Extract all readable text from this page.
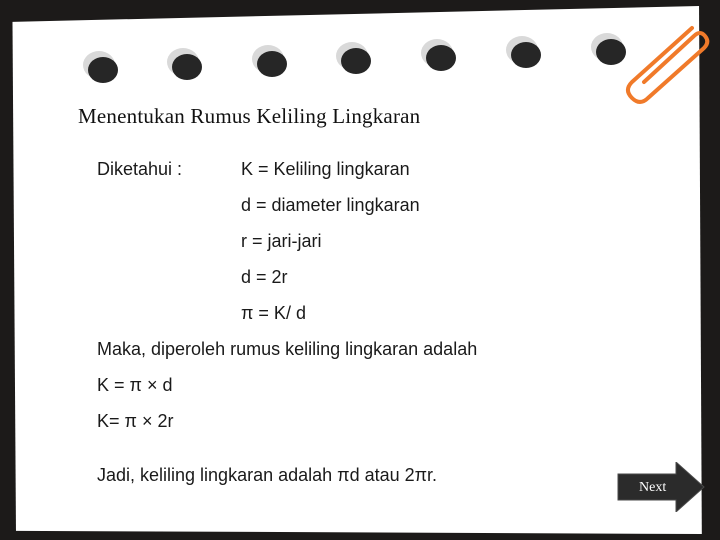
Menentukan Rumus Keliling Lingkaran
Diketahui :	K = Keliling lingkaran
d = diameter lingkaran
r = jari-jari
d = 2r
π = K/ d
Maka, diperoleh rumus keliling lingkaran adalah
K = π × d
K= π × 2r
Jadi, keliling lingkaran adalah πd atau 2πr.
Next
